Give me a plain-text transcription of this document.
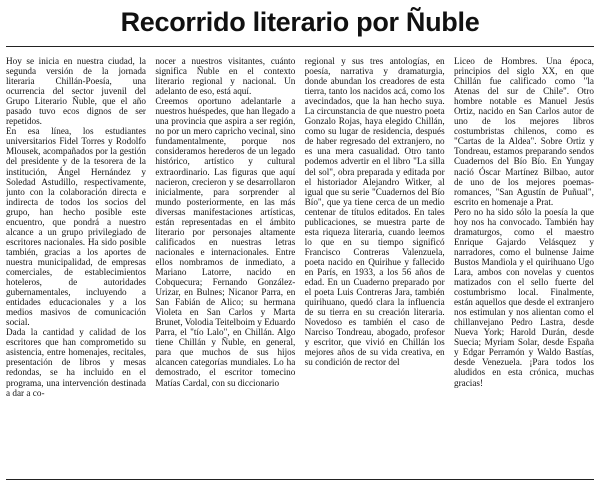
Recorrido literario por Ñuble

Hoy se inicia en nuestra ciudad, la segunda versión de la jornada literaria Chillán-Poesía, una ocurrencia del sector juvenil del Grupo Literario Ñuble, que el año pasado tuvo ecos dignos de ser repetidos.

En esa línea, los estudiantes universitarios Fidel Torres y Rodolfo Mlousek, acompañados por la gestión del presidente y de la tesorera de la institución, Ángel Hernández y Soledad Astudillo, respectivamente, junto con la colaboración directa e indirecta de todos los socios del grupo, han hecho posible este encuentro, que pondrá a nuestro alcance a un grupo privilegiado de escritores nacionales. Ha sido posible también, gracias a los aportes de nuestra municipalidad, de empresas comerciales, de establecimientos hoteleros, de autoridades gubernamentales, incluyendo a entidades educacionales y a los medios masivos de comunicación social.

Dada la cantidad y calidad de los escritores que han comprometido su asistencia, entre homenajes, recitales, presentación de libros y mesas redondas, se ha incluido en el programa, una intervención destinada a dar a co-

nocer a nuestros visitantes, cuánto significa Ñuble en el contexto literario regional y nacional. Un adelanto de eso, está aquí.

Creemos oportuno adelantarle a nuestros huéspedes, que han llegado a una provincia que aspira a ser región, no por un mero capricho vecinal, sino fundamentalmente, porque nos consideramos herederos de un legado histórico, artístico y cultural extraordinario. Las figuras que aquí nacieron, crecieron y se desarrollaron inicialmente, para sorprender al mundo posteriormente, en las más diversas manifestaciones artísticas, están representadas en el ámbito literario por personajes altamente calificados en nuestras letras nacionales e internacionales. Entre ellos nombramos de inmediato, a Mariano Latorre, nacido en Cobquecura; Fernando González-Urizar, en Bulnes; Nicanor Parra, en San Fabián de Alico; su hermana Violeta en San Carlos y Marta Brunet, Volodia Teitelboim y Eduardo Parra, el "tío Lalo", en Chillán. Algo tiene Chillán y Ñuble, en general, para que muchos de sus hijos alcancen categorías mundiales. Lo ha demostrado, el escritor tomecino Matías Cardal, con su diccionario

regional y sus tres antologías, en poesía, narrativa y dramaturgia, donde abundan los creadores de esta tierra, tanto los nacidos acá, como los avecindados, que la han hecho suya. La circunstancia de que nuestro poeta Gonzalo Rojas, haya elegido Chillán, como su lugar de residencia, después de haber regresado del extranjero, no es una mera casualidad. Otro tanto podemos advertir en el libro "La silla del sol", obra preparada y editada por el historiador Alejandro Witker, al igual que su serie "Cuadernos del Bío Bío", que ya tiene cerca de un medio centenar de títulos editados. En tales publicaciones, se muestra parte de esta riqueza literaria, cuando leemos lo que en su tiempo significó Francisco Contreras Valenzuela, poeta nacido en Quirihue y fallecido en París, en 1933, a los 56 años de edad. En un Cuaderno preparado por el poeta Luis Contreras Jara, también quirihuano, quedó clara la influencia de su tierra en su creación literaria. Novedoso es también el caso de Narciso Tondreau, abogado, profesor y escritor, que vivió en Chillán los mejores años de su vida creativa, en su condición de rector del

Liceo de Hombres. Una época, principios del siglo XX, en que Chillán fue calificado como "la Atenas del sur de Chile". Otro hombre notable es Manuel Jesús Ortiz, nacido en San Carlos autor de uno de los mejores libros costumbristas chilenos, como es "Cartas de la Aldea". Sobre Ortiz y Tondreau, estamos preparando sendos Cuadernos del Bío Bío. En Yungay nació Óscar Martínez Bilbao, autor de uno de los mejores poemas-romances, "San Agustín de Puñual", escrito en homenaje a Prat.

Pero no ha sido sólo la poesía la que hoy nos ha convocado. También hay dramaturgos, como el maestro Enrique Gajardo Velásquez y narradores, como el bulnense Jaime Bustos Mandiola y el quirihuano Ugo Lara, ambos con novelas y cuentos matizados con el sello fuerte del costumbrismo local. Finalmente, están aquellos que desde el extranjero nos estimulan y nos alientan como el chillanvejano Pedro Lastra, desde Nueva York; Harold Durán, desde Suecia; Myriam Solar, desde España y Edgar Perramón y Waldo Bastías, desde Venezuela. ¡Para todos los aludidos en esta crónica, muchas gracias!
